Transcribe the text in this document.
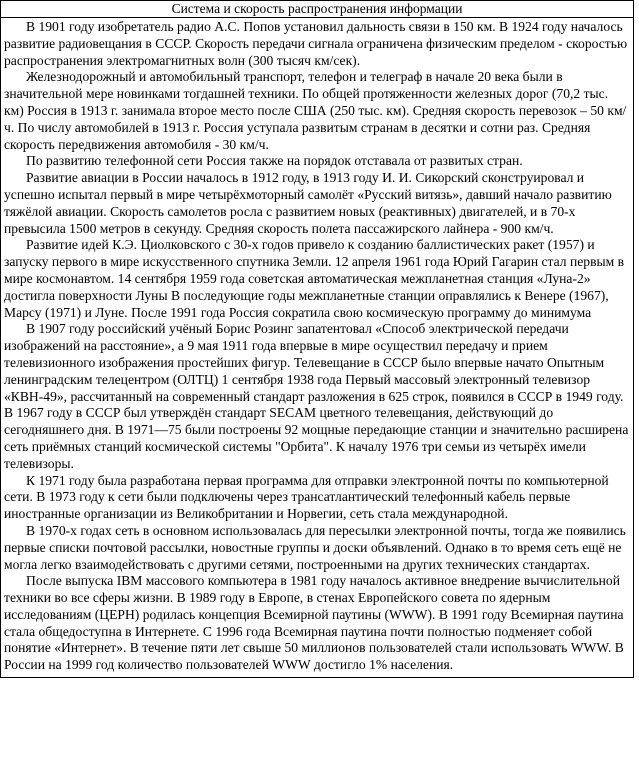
Система и скорость распространения информации

В 1901 году изобретатель радио А.С. Попов установил дальность связи в 150 км. В 1924 году началось развитие радиовещания в СССР. Скорость передачи сигнала ограничена физическим пределом - скоростью распространения электромагнитных волн (300 тысяч км/сек).

Железнодорожный и автомобильный транспорт, телефон и телеграф в начале 20 века были в значительной мере новинками тогдашней техники. По общей протяженности железных дорог (70,2 тыс. км) Россия в 1913 г. занимала второе место после США (250 тыс. км). Средняя скорость перевозок – 50 км/ч. По числу автомобилей в 1913 г. Россия уступала развитым странам в десятки и сотни раз. Средняя скорость передвижения автомобиля - 30 км/ч.

По развитию телефонной сети Россия также на порядок отставала от развитых стран.

Развитие авиации в России началось в 1912 году, в 1913 году И. И. Сикорский сконструировал и успешно испытал первый в мире четырёхмоторный самолёт «Русский витязь», давший начало развитию тяжёлой авиации. Скорость самолетов росла с развитием новых (реактивных) двигателей, и в 70-х превысила 1500 метров в секунду. Средняя скорость полета пассажирского лайнера - 900 км/ч.

Развитие идей К.Э. Циолковского с 30-х годов привело к созданию баллистических ракет (1957) и запуску первого в мире искусственного спутника Земли. 12 апреля 1961 года Юрий Гагарин стал первым в мире космонавтом. 14 сентября 1959 года советская автоматическая межпланетная станция «Луна-2» достигла поверхности Луны В последующие годы межпланетные станции оправлялись к Венере (1967), Марсу (1971) и Луне. После 1991 года Россия сократила свою космическую программу до минимума

В 1907 году российский учёный Борис Розинг запатентовал «Способ электрической передачи изображений на расстояние», а 9 мая 1911 года впервые в мире осуществил передачу и прием телевизионного изображения простейших фигур. Телевещание в СССР было впервые начато Опытным ленинградским телецентром (ОЛТЦ) 1 сентября 1938 года Первый массовый электронный телевизор «КВН-49», рассчитанный на современный стандарт разложения в 625 строк, появился в СССР в 1949 году. В 1967 году в СССР был утверждён стандарт SECAM цветного телевещания, действующий до сегодняшнего дня. В 1971—75 были построены 92 мощные передающие станции и значительно расширена сеть приёмных станций космической системы "Орбита". К началу 1976 три семьи из четырёх имели телевизоры.

К 1971 году была разработана первая программа для отправки электронной почты по компьютерной сети. В 1973 году к сети были подключены через трансатлантический телефонный кабель первые иностранные организации из Великобритании и Норвегии, сеть стала международной.

В 1970-х годах сеть в основном использовалась для пересылки электронной почты, тогда же появились первые списки почтовой рассылки, новостные группы и доски объявлений. Однако в то время сеть ещё не могла легко взаимодействовать с другими сетями, построенными на других технических стандартах.

После выпуска IBM массового компьютера в 1981 году началось активное внедрение вычислительной техники во все сферы жизни. В 1989 году в Европе, в стенах Европейского совета по ядерным исследованиям (ЦЕРН) родилась концепция Всемирной паутины (WWW). В 1991 году Всемирная паутина стала общедоступна в Интернете. С 1996 года Всемирная паутина почти полностью подменяет собой понятие «Интернет». В течение пяти лет свыше 50 миллионов пользователей стали использовать WWW. В России на 1999 год количество пользователей WWW достигло 1% населения.
